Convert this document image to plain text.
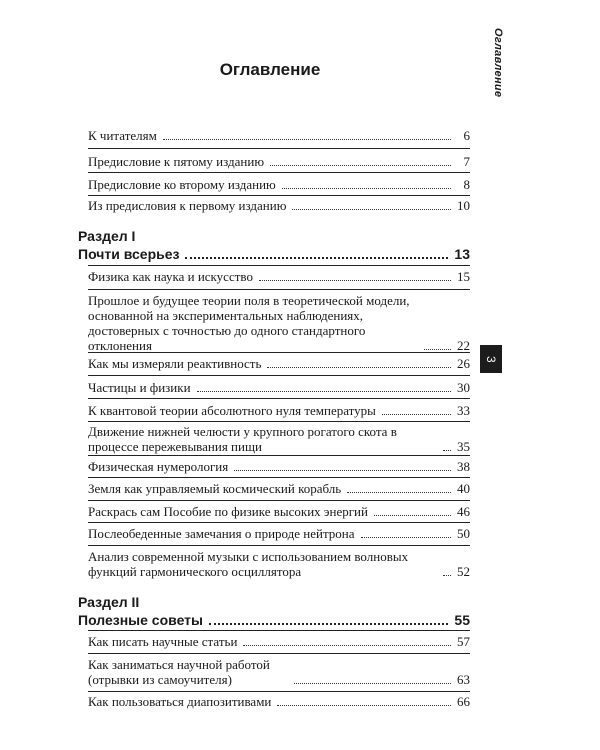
Оглавление
3
Оглавление
К читателям	6
Предисловие к пятому изданию	7
Предисловие ко второму изданию	8
Из предисловия к первому изданию	10
Раздел I
Почти всерьез	13
Физика как наука и искусство	15
Прошлое и будущее теории поля в теоретической модели, основанной на экспериментальных наблюдениях, достоверных с точностью до одного стандартного отклонения	22
Как мы измеряли реактивность	26
Частицы и физики	30
К квантовой теории абсолютного нуля температуры	33
Движение нижней челюсти у крупного рогатого скота в процессе пережевывания пищи	35
Физическая нумерология	38
Земля как управляемый космический корабль	40
Раскрась сам Пособие по физике высоких энергий	46
Послеобеденные замечания о природе нейтрона	50
Анализ современной музыки с использованием волновых функций гармонического осциллятора	52
Раздел II
Полезные советы	55
Как писать научные статьи	57
Как заниматься научной работой (отрывки из самоучителя)	63
Как пользоваться диапозитивами	66
